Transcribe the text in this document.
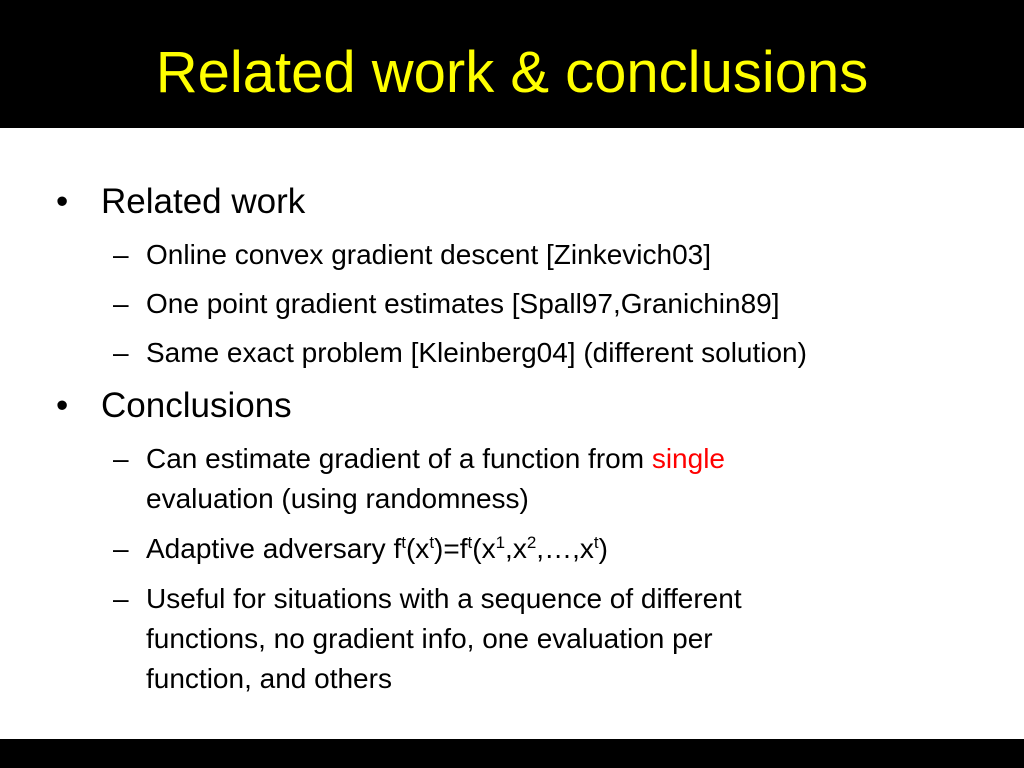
Related work & conclusions
• Related work
– Online convex gradient descent [Zinkevich03]
– One point gradient estimates [Spall97,Granichin89]
– Same exact problem [Kleinberg04] (different solution)
• Conclusions
– Can estimate gradient of a function from single
evaluation (using randomness)
– Adaptive adversary $f^t(x^t)=f^t(x^1,x^2,\dots,x^t)$
– Useful for situations with a sequence of different
functions, no gradient info, one evaluation per
function, and others
